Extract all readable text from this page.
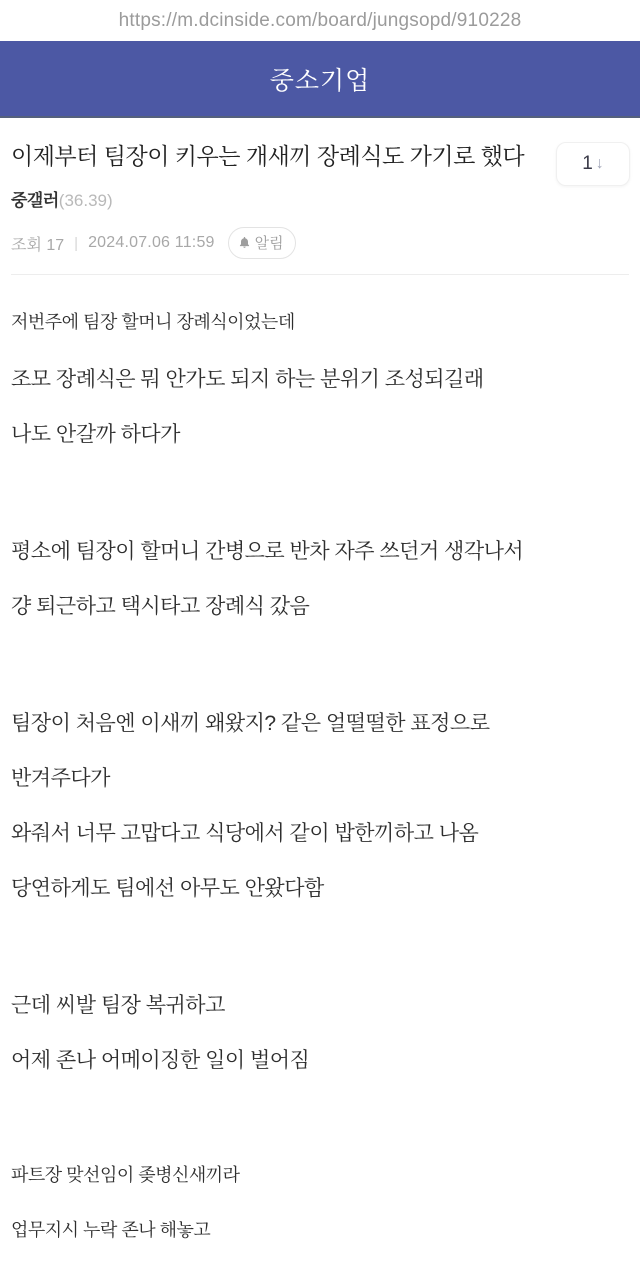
https://m.dcinside.com/board/jungsopd/910228
중소기업
이제부터 팀장이 키우는 개새끼 장례식도 가기로 했다
중갤러(36.39)
조회 17 | 2024.07.06 11:59	알림
1 ↓

저번주에 팀장 할머니 장례식이었는데

조모 장례식은 뭐 안가도 되지 하는 분위기 조성되길래

나도 안갈까 하다가

평소에 팀장이 할머니 간병으로 반차 자주 쓰던거 생각나서

걍 퇴근하고 택시타고 장례식 갔음

팀장이 처음엔 이새끼 왜왔지? 같은 얼떨떨한 표정으로

반겨주다가

와줘서 너무 고맙다고 식당에서 같이 밥한끼하고 나옴

당연하게도 팀에선 아무도 안왔다함

근데 씨발 팀장 복귀하고

어제 존나 어메이징한 일이 벌어짐

파트장 맞선임이 좆병신새끼라

업무지시 누락 존나 해놓고
